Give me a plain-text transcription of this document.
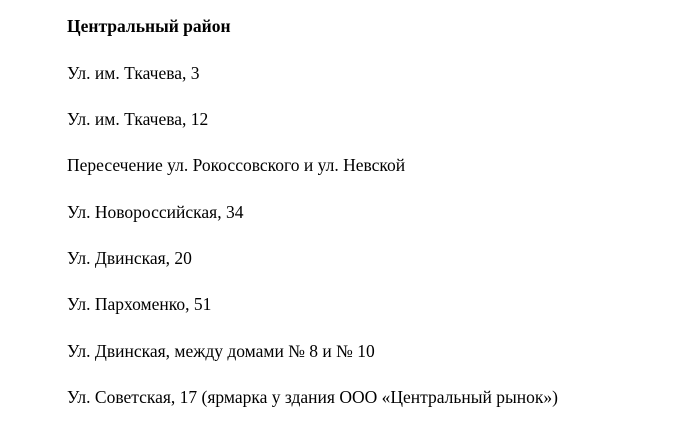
Центральный район
Ул. им. Ткачева, 3
Ул. им. Ткачева, 12
Пересечение ул. Рокоссовского и ул. Невской
Ул. Новороссийская, 34
Ул. Двинская, 20
Ул. Пархоменко, 51
Ул. Двинская, между домами № 8 и № 10
Ул. Советская, 17 (ярмарка у здания ООО «Центральный рынок»)
